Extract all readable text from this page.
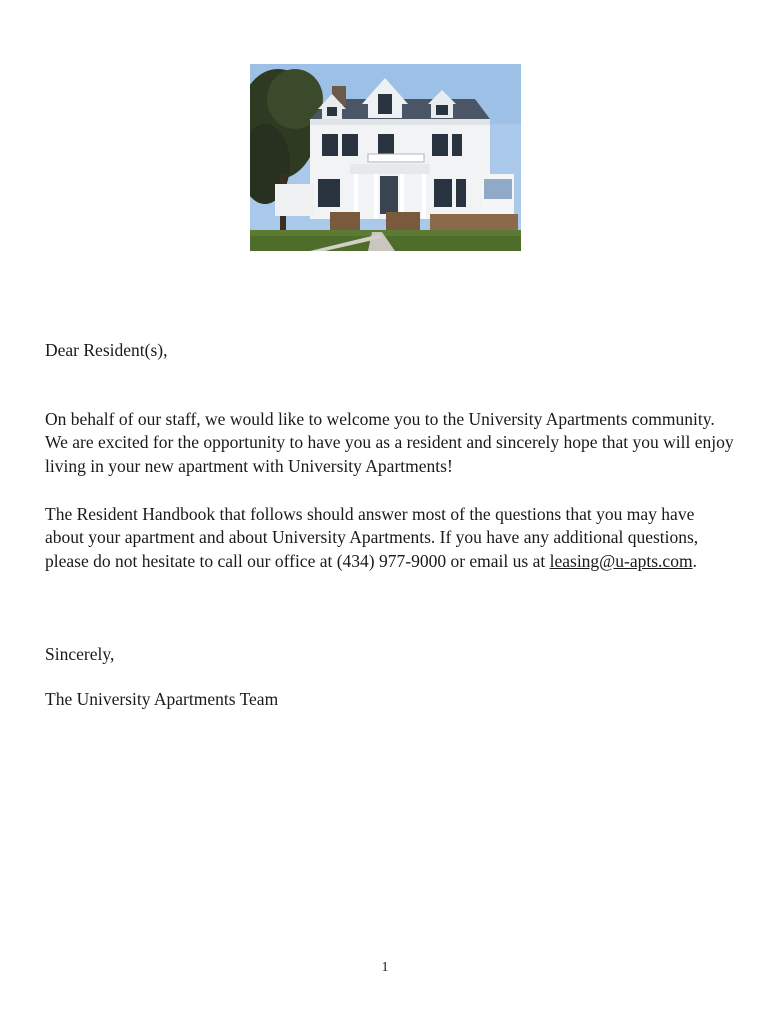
Dear Resident(s),

On behalf of our staff, we would like to welcome you to the University Apartments community. We are excited for the opportunity to have you as a resident and sincerely hope that you will enjoy living in your new apartment with University Apartments!

The Resident Handbook that follows should answer most of the questions that you may have about your apartment and about University Apartments. If you have any additional questions, please do not hesitate to call our office at (434) 977-9000 or email us at leasing@u-apts.com.

Sincerely,

The University Apartments Team

1
